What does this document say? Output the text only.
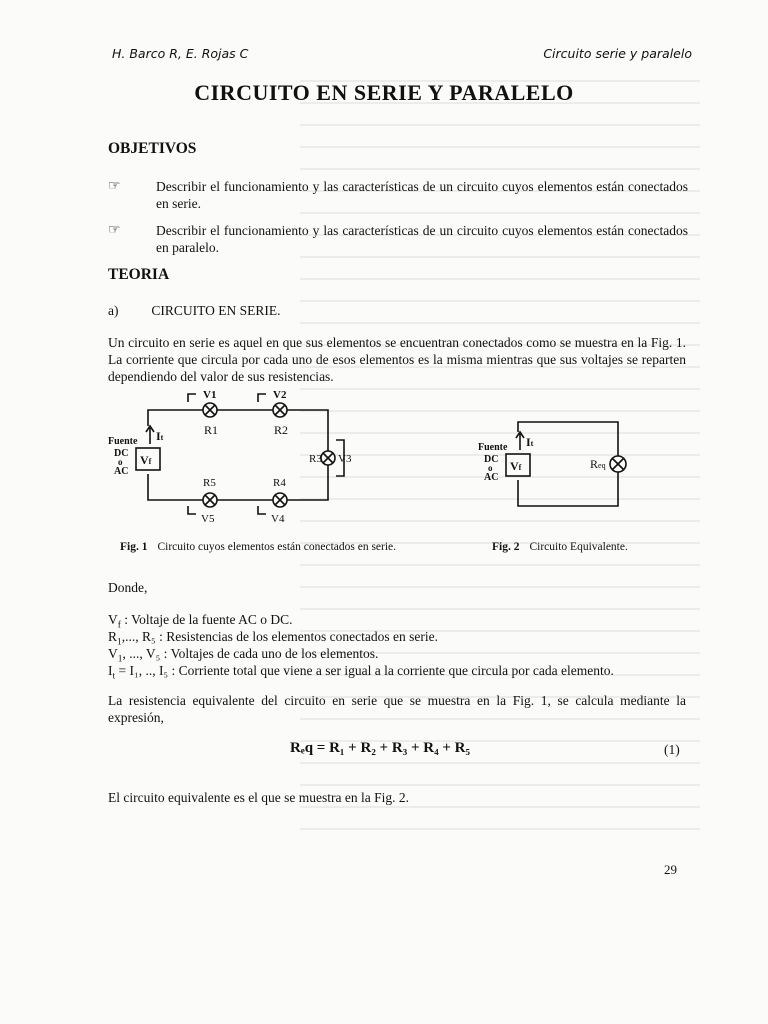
H. Barco R, E. Rojas C	Circuito serie y paralelo
CIRCUITO EN SERIE Y PARALELO
OBJETIVOS
☞	Describir el funcionamiento y las características de un circuito cuyos elementos están conectados en serie.
☞	Describir el funcionamiento y las características de un circuito cuyos elementos están conectados en paralelo.
TEORIA
a) CIRCUITO EN SERIE.
Un circuito en serie es aquel en que sus elementos se encuentran conectados como se muestra en la Fig. 1. La corriente que circula por cada uno de esos elementos es la misma mientras que sus voltajes se reparten dependiendo del valor de sus resistencias.
V1	V2
R1	R2
R3 V3
R5	R4
V5	V4
Fuente
DC
o
AC
Vf
It
Fuente
DC
o
AC
Vf
It
Req
Fig. 1 Circuito cuyos elementos están conectados en serie.	Fig. 2 Circuito Equivalente.
Donde,
$V_f$ : Voltaje de la fuente AC o DC.
$R_1$,..., R₅ : Resistencias de los elementos conectados en serie.
$V_1$, ..., V₅ : Voltajes de cada uno de los elementos.
$I_t = I_1$, .., I₅ : Corriente total que viene a ser igual a la corriente que circula por cada elemento.
La resistencia equivalente del circuito en serie que se muestra en la Fig. 1, se calcula mediante la expresión,
Rₑq = R₁ + R₂ + R₃ + R₄ + R₅	(1)
El circuito equivalente es el que se muestra en la Fig. 2.
29
